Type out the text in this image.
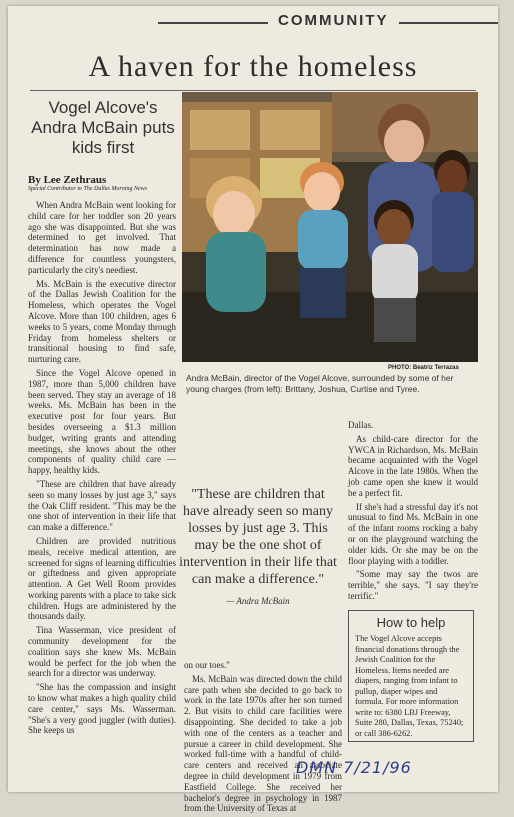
COMMUNITY
A haven for the homeless
Vogel Alcove's Andra McBain puts kids first
By Lee Zethraus
Special Contributor to The Dallas Morning News
PHOTO: Beatriz Terrazas
Andra McBain, director of the Vogel Alcove, surrounded by some of her young charges (from left): Brittany, Joshua, Curtise and Tyree.

When Andra McBain went looking for child care for her toddler son 20 years ago she was disappointed. But she was determined to get involved. That determination has now made a difference for countless youngsters, particularly the city's neediest.

Ms. McBain is the executive director of the Dallas Jewish Coalition for the Homeless, which operates the Vogel Alcove. More than 100 children, ages 6 weeks to 5 years, come Monday through Friday from homeless shelters or transitional housing to find safe, nurturing care.

Since the Vogel Alcove opened in 1987, more than 5,000 children have been served. They stay an average of 18 weeks. Ms. McBain has been in the executive post for four years. But besides overseeing a $1.3 million budget, writing grants and attending meetings, she knows about the other components of quality child care — happy, healthy kids.

"These are children that have already seen so many losses by just age 3," says the Oak Cliff resident. "This may be the one shot of intervention in their life that can make a difference."

Children are provided nutritious meals, receive medical attention, are screened for signs of learning difficulties or giftedness and given appropriate attention. A Get Well Room provides working parents with a place to take sick children. Hugs are administered by the thousands daily.

Tina Wasserman, vice president of community development for the coalition says she knew Ms. McBain would be perfect for the job when the search for a director was underway.

"She has the compassion and insight to know what makes a high quality child care center," says Ms. Wasserman. "She's a very good juggler (with duties). She keeps us

"These are children that have already seen so many losses by just age 3. This may be the one shot of intervention in their life that can make a difference."
— Andra McBain

on our toes."

Ms. McBain was directed down the child care path when she decided to go back to work in the late 1970s after her son turned 2. But visits to child care facilities were disappointing. She decided to take a job with one of the centers as a teacher and pursue a career in child development. She worked full-time with a handful of child-care centers and received an associate degree in child development in 1979 from Eastfield College. She received her bachelor's degree in psychology in 1987 from the University of Texas at

Dallas.

As child-care director for the YWCA in Richardson, Ms. McBain became acquainted with the Vogel Alcove in the late 1980s. When the job came open she knew it would be a perfect fit.

If she's had a stressful day it's not unusual to find Ms. McBain in one of the infant rooms rocking a baby or on the playground watching the older kids. Or she may be on the floor playing with a toddler.

"Some may say the twos are terrible," she says. "I say they're terrific."

How to help

The Vogel Alcove accepts financial donations through the Jewish Coalition for the Homeless. Items needed are diapers, ranging from infant to pullup, diaper wipes and formula. For more information write to: 6380 LBJ Freeway, Suite 280, Dallas, Texas, 75240; or call 386-6262.

DMN 7/21/96
